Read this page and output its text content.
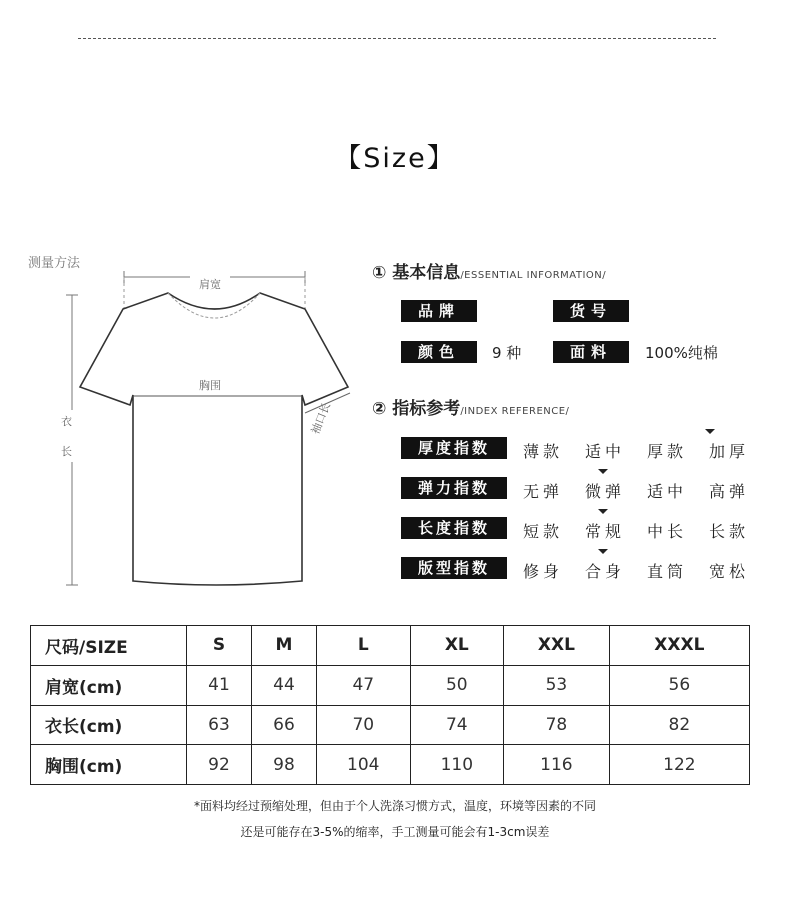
【Size】
测量方法
肩宽
胸围
衣
长
袖口长
① 基本信息/ESSENTIAL INFORMATION/
品牌	货号
颜色	9 种	面料	100%纯棉
② 指标参考/INDEX REFERENCE/
厚度指数	薄款	适中	厚款	加厚
弹力指数	无弹	微弹	适中	高弹
长度指数	短款	常规	中长	长款
版型指数	修身	合身	直筒	宽松
尺码/SIZE	S	M	L	XL	XXL	XXXL
肩宽(cm)	41	44	47	50	53	56
衣长(cm)	63	66	70	74	78	82
胸围(cm)	92	98	104	110	116	122
*面料均经过预缩处理，但由于个人洗涤习惯方式，温度，环境等因素的不同
还是可能存在3-5%的缩率，手工测量可能会有1-3cm误差
